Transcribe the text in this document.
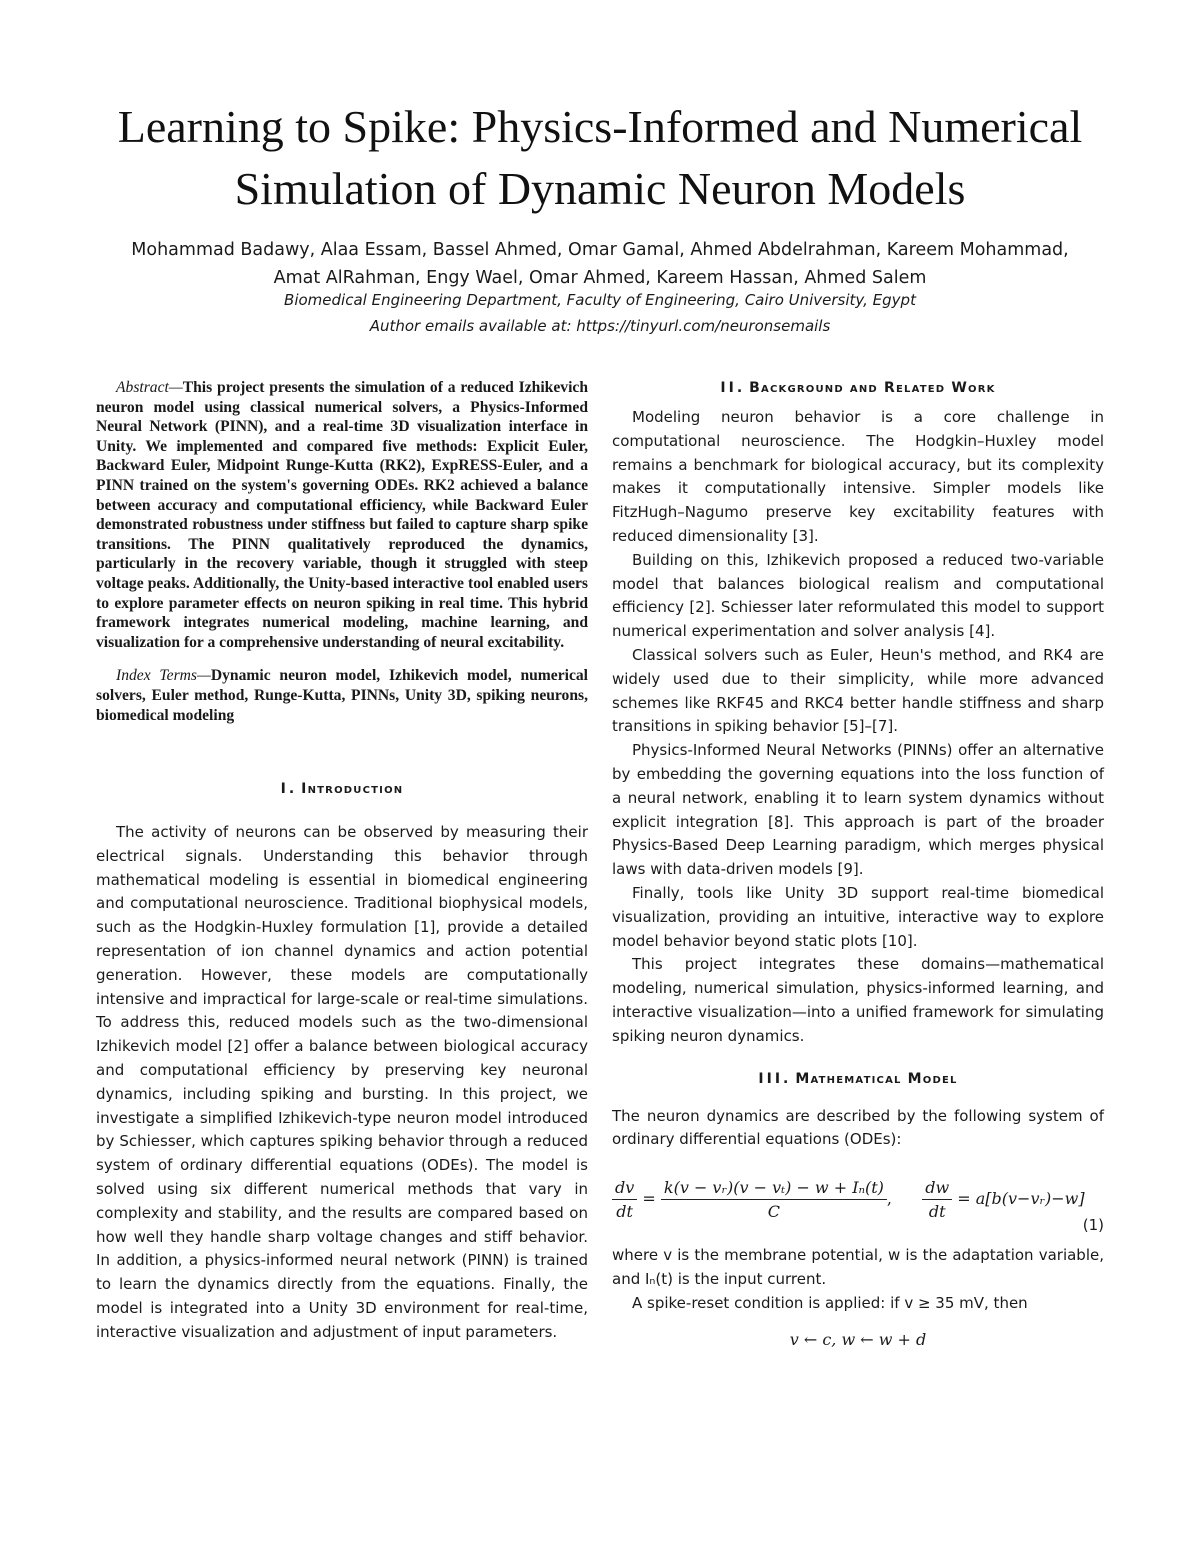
Learning to Spike: Physics-Informed and Numerical
Simulation of Dynamic Neuron Models
Mohammad Badawy, Alaa Essam, Bassel Ahmed, Omar Gamal, Ahmed Abdelrahman, Kareem Mohammad,
Amat AlRahman, Engy Wael, Omar Ahmed, Kareem Hassan, Ahmed Salem
Biomedical Engineering Department, Faculty of Engineering, Cairo University, Egypt
Author emails available at: https://tinyurl.com/neuronsemails

Abstract—This project presents the simulation of a reduced Izhikevich neuron model using classical numerical solvers, a Physics-Informed Neural Network (PINN), and a real-time 3D visualization interface in Unity. We implemented and compared five methods: Explicit Euler, Backward Euler, Midpoint Runge-Kutta (RK2), ExpRESS-Euler, and a PINN trained on the system's governing ODEs. RK2 achieved a balance between accuracy and computational efficiency, while Backward Euler demonstrated robustness under stiffness but failed to capture sharp spike transitions. The PINN qualitatively reproduced the dynamics, particularly in the recovery variable, though it struggled with steep voltage peaks. Additionally, the Unity-based interactive tool enabled users to explore parameter effects on neuron spiking in real time. This hybrid framework integrates numerical modeling, machine learning, and visualization for a comprehensive understanding of neural excitability.

Index Terms—Dynamic neuron model, Izhikevich model, numerical solvers, Euler method, Runge-Kutta, PINNs, Unity 3D, spiking neurons, biomedical modeling

I. Introduction

The activity of neurons can be observed by measuring their electrical signals. Understanding this behavior through mathematical modeling is essential in biomedical engineering and computational neuroscience. Traditional biophysical models, such as the Hodgkin-Huxley formulation [1], provide a detailed representation of ion channel dynamics and action potential generation. However, these models are computationally intensive and impractical for large-scale or real-time simulations. To address this, reduced models such as the two-dimensional Izhikevich model [2] offer a balance between biological accuracy and computational efficiency by preserving key neuronal dynamics, including spiking and bursting. In this project, we investigate a simplified Izhikevich-type neuron model introduced by Schiesser, which captures spiking behavior through a reduced system of ordinary differential equations (ODEs). The model is solved using six different numerical methods that vary in complexity and stability, and the results are compared based on how well they handle sharp voltage changes and stiff behavior. In addition, a physics-informed neural network (PINN) is trained to learn the dynamics directly from the equations. Finally, the model is integrated into a Unity 3D environment for real-time, interactive visualization and adjustment of input parameters.

II. Background and Related Work

Modeling neuron behavior is a core challenge in computational neuroscience. The Hodgkin–Huxley model remains a benchmark for biological accuracy, but its complexity makes it computationally intensive. Simpler models like FitzHugh–Nagumo preserve key excitability features with reduced dimensionality [3].

Building on this, Izhikevich proposed a reduced two-variable model that balances biological realism and computational efficiency [2]. Schiesser later reformulated this model to support numerical experimentation and solver analysis [4].

Classical solvers such as Euler, Heun's method, and RK4 are widely used due to their simplicity, while more advanced schemes like RKF45 and RKC4 better handle stiffness and sharp transitions in spiking behavior [5]–[7].

Physics-Informed Neural Networks (PINNs) offer an alternative by embedding the governing equations into the loss function of a neural network, enabling it to learn system dynamics without explicit integration [8]. This approach is part of the broader Physics-Based Deep Learning paradigm, which merges physical laws with data-driven models [9].

Finally, tools like Unity 3D support real-time biomedical visualization, providing an intuitive, interactive way to explore model behavior beyond static plots [10].

This project integrates these domains—mathematical modeling, numerical simulation, physics-informed learning, and interactive visualization—into a unified framework for simulating spiking neuron dynamics.

III. Mathematical Model

The neuron dynamics are described by the following system of ordinary differential equations (ODEs):

$\frac{dv}{dt} = \frac{\text{k(v − vᵣ)(v − vₜ) − w + Iₙ(t)}}{C}$ , $\frac{dw}{dt}$ = a[b(v−vᵣ)−w]
(1)

where v is the membrane potential, w is the adaptation variable, and Iₙ(t) is the input current.

A spike-reset condition is applied: if v ≥ 35 mV, then

v ← c, w ← w + d
